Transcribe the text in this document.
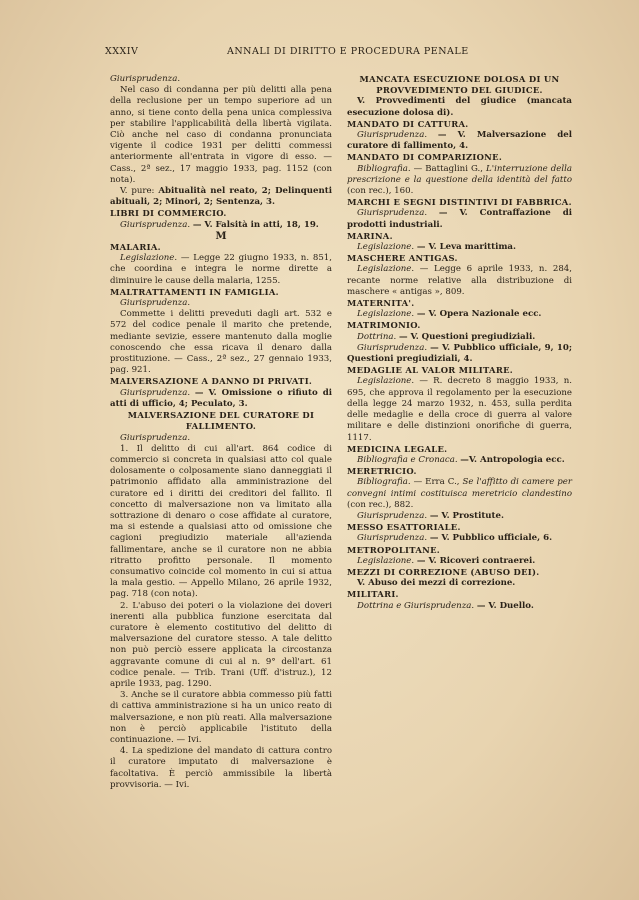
XXXIV	ANNALI DI DIRITTO E PROCEDURA PENALE

Giurisprudenza.

Nel caso di condanna per più delitti alla pena della reclusione per un tempo superiore ad un anno, si tiene conto della pena unica complessiva per stabilire l'applicabilità della libertà vigilata. Ciò anche nel caso di condanna pronunciata vigente il codice 1931 per delitti commessi anteriormente all'entrata in vigore di esso. — Cass., 2ª sez., 17 maggio 1933, pag. 1152 (con nota).

V. pure: Abitualità nel reato, 2; Delinquenti abituali, 2; Minori, 2; Sentenza, 3.

LIBRI DI COMMERCIO.

Giurisprudenza. — V. Falsità in atti, 18, 19.

M

MALARIA.

Legislazione. — Legge 22 giugno 1933, n. 851, che coordina e integra le norme dirette a diminuire le cause della malaria, 1255.

MALTRATTAMENTI IN FAMIGLIA.

Giurisprudenza.

Commette i delitti preveduti dagli art. 532 e 572 del codice penale il marito che pretende, mediante sevizie, essere mantenuto dalla moglie conoscendo che essa ricava il denaro dalla prostituzione. — Cass., 2ª sez., 27 gennaio 1933, pag. 921.

MALVERSAZIONE A DANNO DI PRIVATI.

Giurisprudenza. — V. Omissione o rifiuto di atti di ufficio, 4; Peculato, 3.

MALVERSAZIONE DEL CURATORE DI FALLIMENTO.

Giurisprudenza.

1. Il delitto di cui all'art. 864 codice di commercio si concreta in qualsiasi atto col quale dolosamente o colposamente siano danneggiati il patrimonio affidato alla amministrazione del curatore ed i diritti dei creditori del fallito. Il concetto di malversazione non va limitato alla sottrazione di denaro o cose affidate al curatore, ma si estende a qualsiasi atto od omissione che cagioni pregiudizio materiale all'azienda fallimentare, anche se il curatore non ne abbia ritratto profitto personale. Il momento consumativo coincide col momento in cui si attua la mala gestio. — Appello Milano, 26 aprile 1932, pag. 718 (con nota).

2. L'abuso dei poteri o la violazione dei doveri inerenti alla pubblica funzione esercitata dal curatore è elemento costitutivo del delitto di malversazione del curatore stesso. A tale delitto non può perciò essere applicata la circostanza aggravante comune di cui al n. 9° dell'art. 61 codice penale. — Trib. Trani (Uff. d'istruz.), 12 aprile 1933, pag. 1290.

3. Anche se il curatore abbia commesso più fatti di cattiva amministrazione si ha un unico reato di malversazione, e non più reati. Alla malversazione non è perciò applicabile l'istituto della continuazione. — Ivi.

4. La spedizione del mandato di cattura contro il curatore imputato di malversazione è facoltativa. È perciò ammissibile la libertà provvisoria. — Ivi.

MANCATA ESECUZIONE DOLOSA DI UN PROVVEDIMENTO DEL GIUDICE.

V. Provvedimenti del giudice (mancata esecuzione dolosa di).

MANDATO DI CATTURA.

Giurisprudenza. — V. Malversazione del curatore di fallimento, 4.

MANDATO DI COMPARIZIONE.

Bibliografia. — Battaglini G., L'interruzione della prescrizione e la questione della identità del fatto (con rec.), 160.

MARCHI E SEGNI DISTINTIVI DI FABBRICA.

Giurisprudenza. — V. Contraffazione di prodotti industriali.

MARINA.

Legislazione. — V. Leva marittima.

MASCHERE ANTIGAS.

Legislazione. — Legge 6 aprile 1933, n. 284, recante norme relative alla distribuzione di maschere « antigas », 809.

MATERNITA'.

Legislazione. — V. Opera Nazionale ecc.

MATRIMONIO.

Dottrina. — V. Questioni pregiudiziali.

Giurisprudenza. — V. Pubblico ufficiale, 9, 10; Questioni pregiudiziali, 4.

MEDAGLIE AL VALOR MILITARE.

Legislazione. — R. decreto 8 maggio 1933, n. 695, che approva il regolamento per la esecuzione della legge 24 marzo 1932, n. 453, sulla perdita delle medaglie e della croce di guerra al valore militare e delle distinzioni onorifiche di guerra, 1117.

MEDICINA LEGALE.

Bibliografia e Cronaca. —V. Antropologia ecc.

MERETRICIO.

Bibliografia. — Erra C., Se l'affitto di camere per convegni intimi costituisca meretricio clandestino (con rec.), 882.

Giurisprudenza. — V. Prostitute.

MESSO ESATTORIALE.

Giurisprudenza. — V. Pubblico ufficiale, 6.

METROPOLITANE.

Legislazione. — V. Ricoveri contraerei.

MEZZI DI CORREZIONE (ABUSO DEI).

V. Abuso dei mezzi di correzione.

MILITARI.

Dottrina e Giurisprudenza. — V. Duello.
